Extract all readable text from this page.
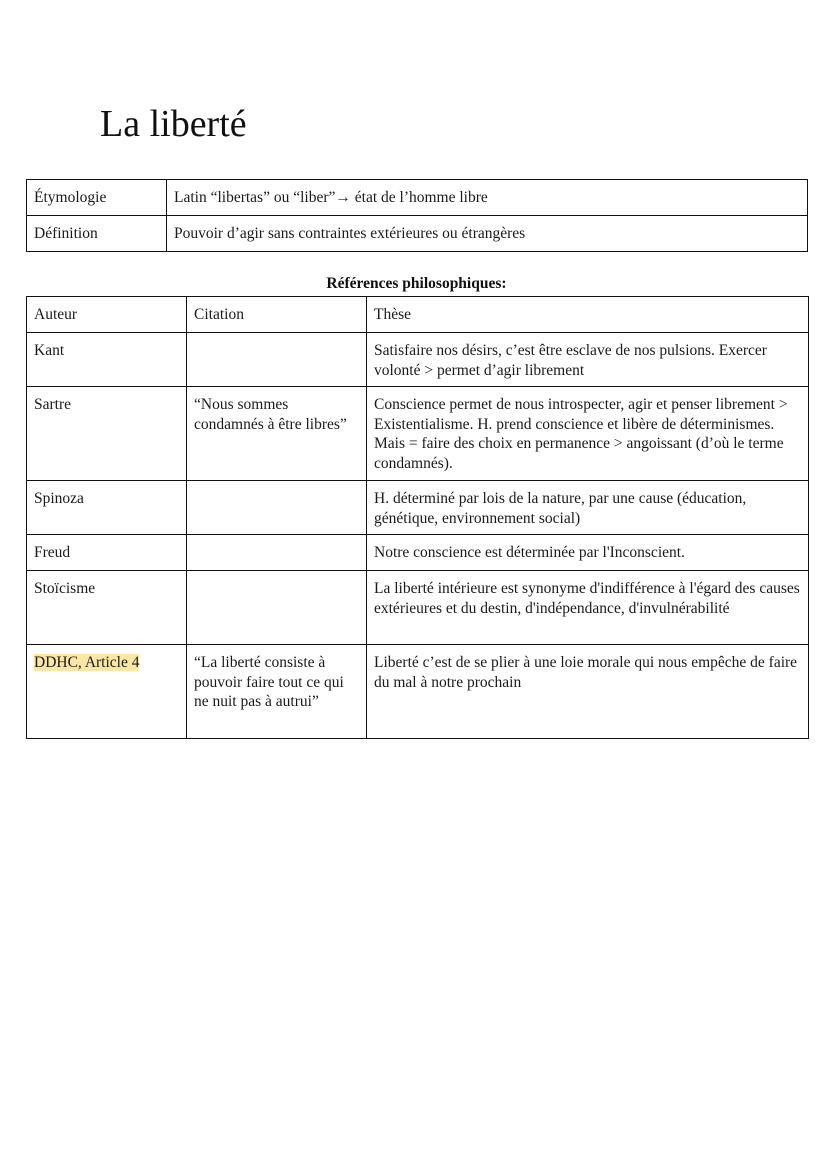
La liberté
Étymologie	Latin “libertas” ou “liber”→ état de l’homme libre
Définition	Pouvoir d’agir sans contraintes extérieures ou étrangères
Références philosophiques:
Auteur	Citation	Thèse
Kant		Satisfaire nos désirs, c’est être esclave de nos pulsions. Exercer volonté > permet d’agir librement
Sartre	“Nous sommes condamnés à être libres”	Conscience permet de nous introspecter, agir et penser librement > Existentialisme. H. prend conscience et libère de déterminismes. Mais = faire des choix en permanence > angoissant (d’où le terme condamnés).
Spinoza		H. déterminé par lois de la nature, par une cause (éducation, génétique, environnement social)
Freud		Notre conscience est déterminée par l'Inconscient.
Stoïcisme		La liberté intérieure est synonyme d'indifférence à l'égard des causes extérieures et du destin, d'indépendance, d'invulnérabilité
DDHC, Article 4	“La liberté consiste à pouvoir faire tout ce qui ne nuit pas à autrui”	Liberté c’est de se plier à une loie morale qui nous empêche de faire du mal à notre prochain
